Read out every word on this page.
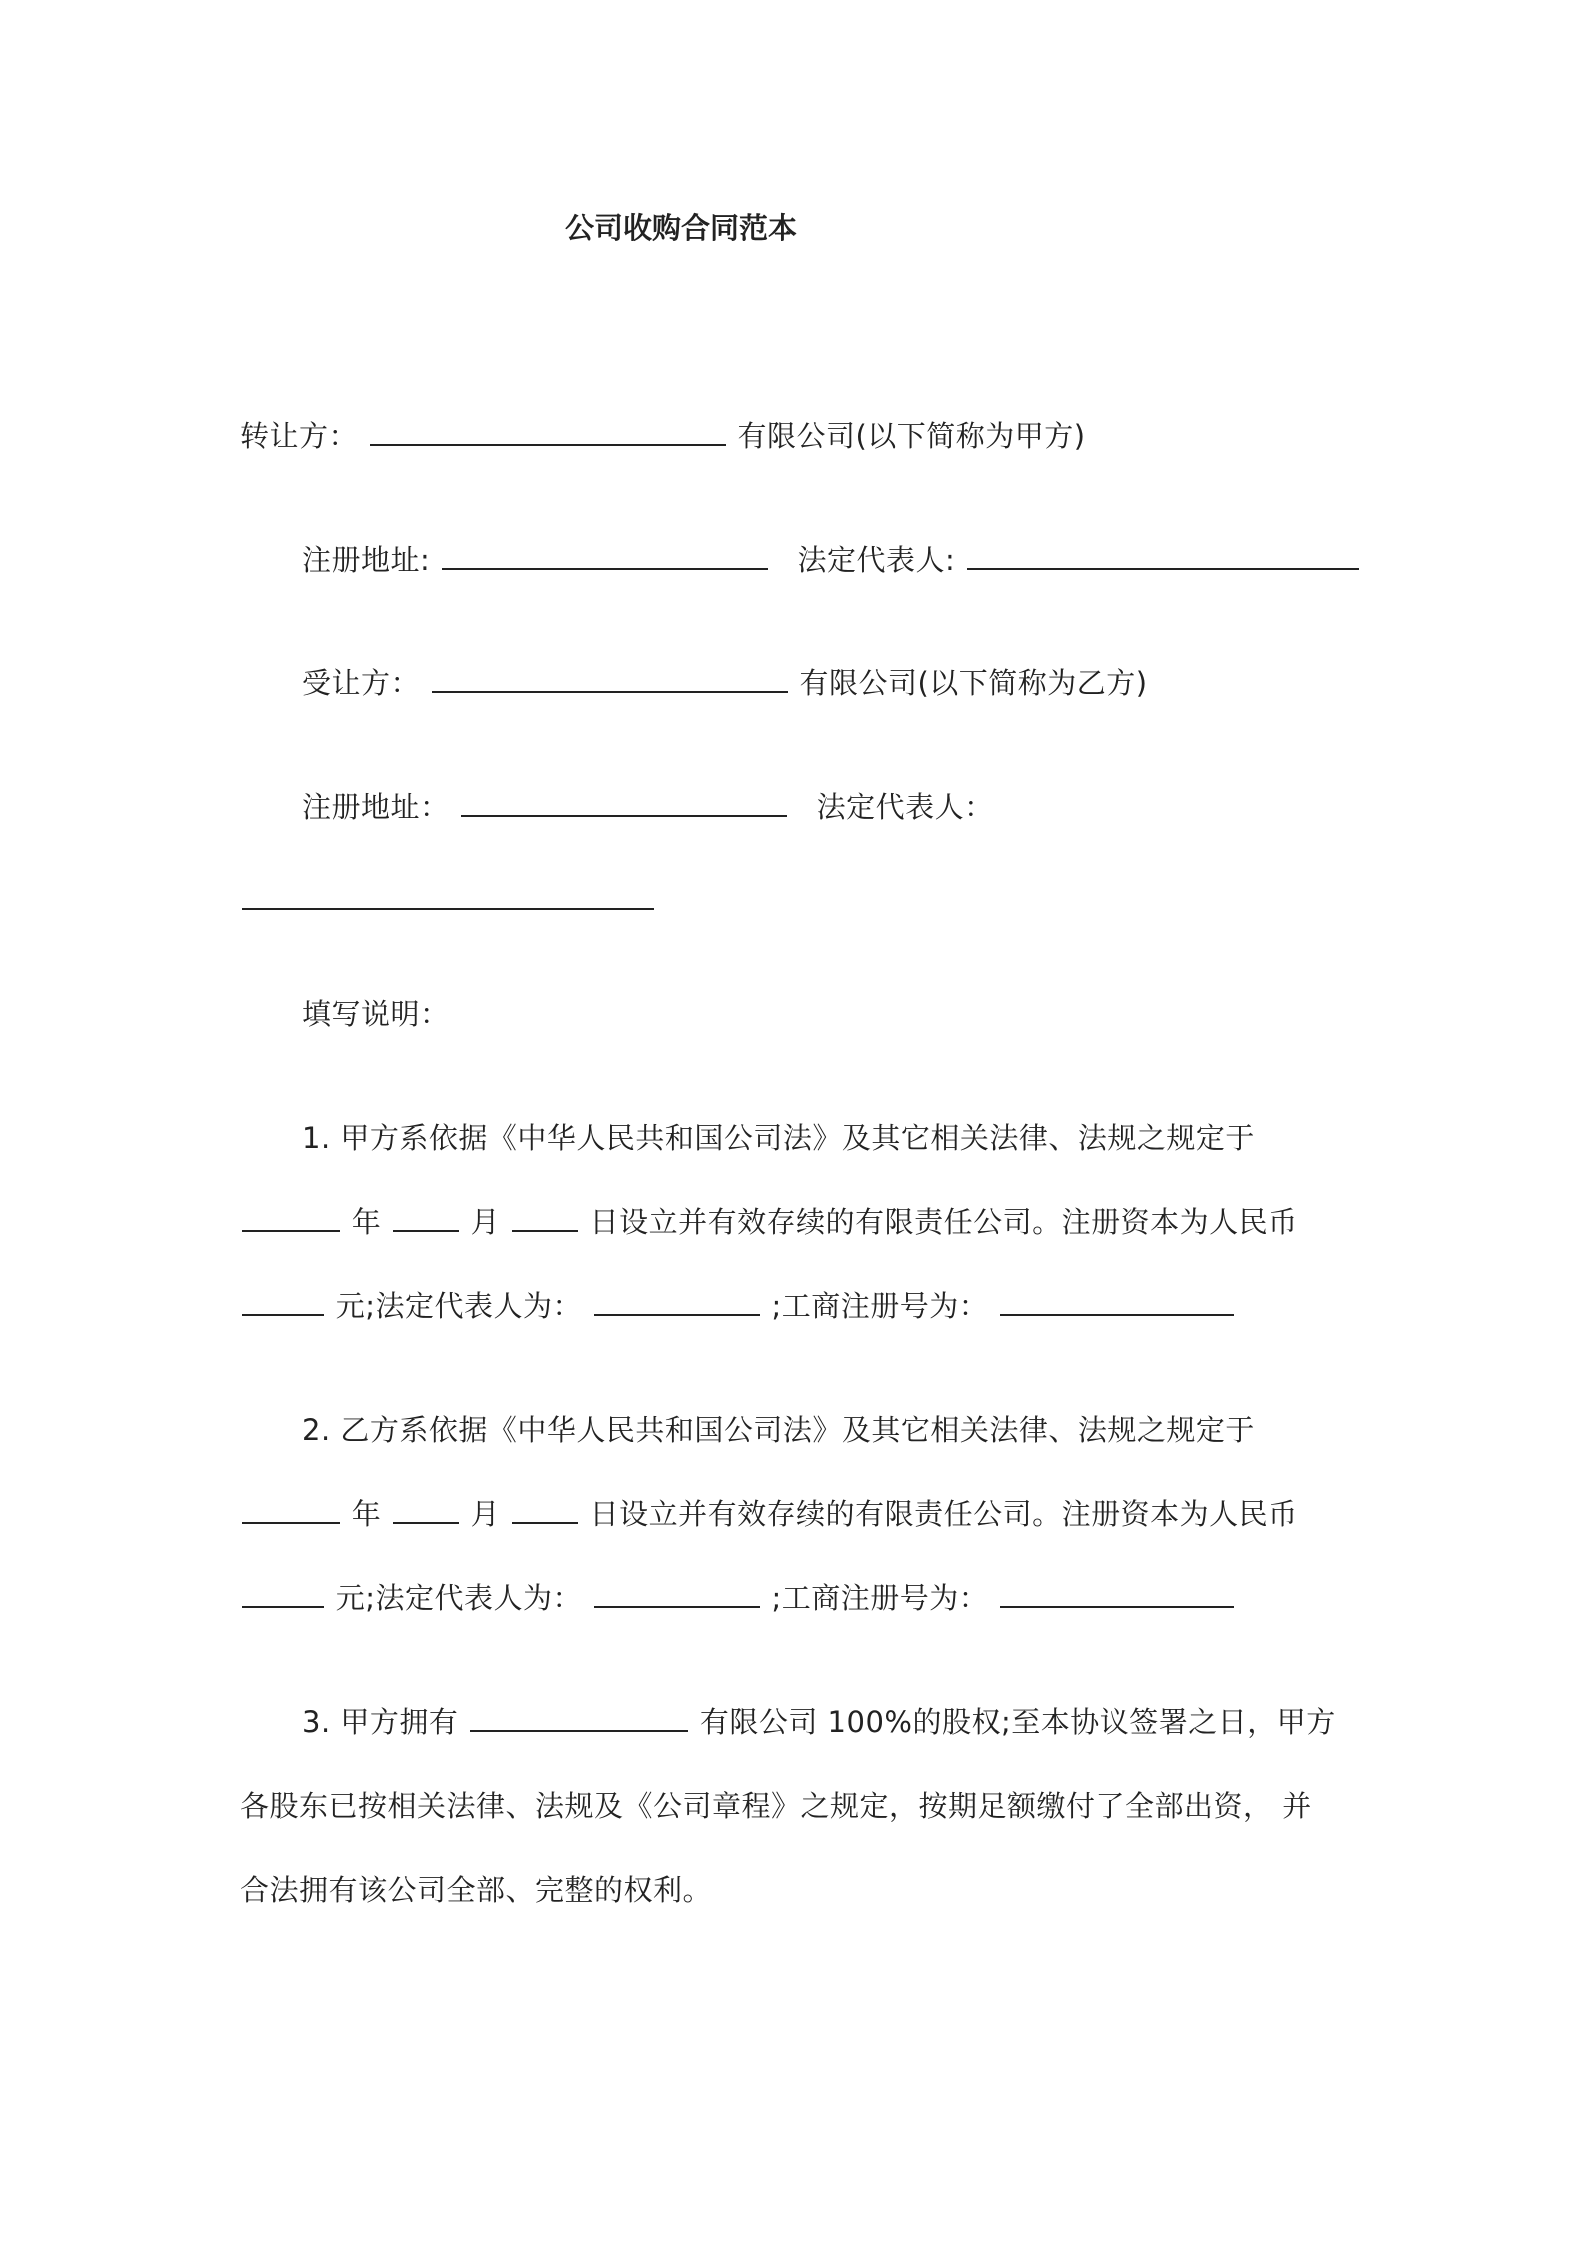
公司收购合同范本

转让方：	有限公司(以下简称为甲方)

注册地址:	法定代表人:

受让方：	有限公司(以下简称为乙方)

注册地址：	法定代表人：

填写说明：

1. 甲方系依据《中华人民共和国公司法》及其它相关法律、法规之规定于

年	月	日设立并有效存续的有限责任公司。注册资本为人民币

元;法定代表人为：	;工商注册号为：

2. 乙方系依据《中华人民共和国公司法》及其它相关法律、法规之规定于

年	月	日设立并有效存续的有限责任公司。注册资本为人民币

元;法定代表人为：	;工商注册号为：

3. 甲方拥有	有限公司 100%的股权;至本协议签署之日，甲方

各股东已按相关法律、法规及《公司章程》之规定，按期足额缴付了全部出资， 并

合法拥有该公司全部、完整的权利。
